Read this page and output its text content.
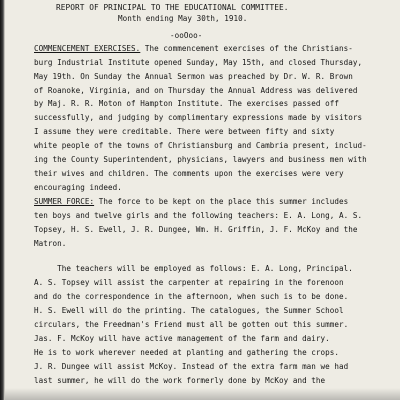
REPORT OF PRINCIPAL TO THE EDUCATIONAL COMMITTEE.
Month ending May 30th, 1910.
-ooOoo-
COMMENCEMENT EXERCISES. The commencement exercises of the Christians-
burg Industrial Institute opened Sunday, May 15th, and closed Thursday,
May 19th. On Sunday the Annual Sermon was preached by Dr. W. R. Brown
of Roanoke, Virginia, and on Thursday the Annual Address was delivered
by Maj. R. R. Moton of Hampton Institute. The exercises passed off
successfully, and judging by complimentary expressions made by visitors
I assume they were creditable. There were between fifty and sixty
white people of the towns of Christiansburg and Cambria present, includ-
ing the County Superintendent, physicians, lawyers and business men with
their wives and children. The comments upon the exercises were very
encouraging indeed.
SUMMER FORCE: The force to be kept on the place this summer includes
ten boys and twelve girls and the following teachers: E. A. Long, A. S.
Topsey, H. S. Ewell, J. R. Dungee, Wm. H. Griffin, J. F. McKoy and the
Matron.
The teachers will be employed as follows: E. A. Long, Principal.
A. S. Topsey will assist the carpenter at repairing in the forenoon
and do the correspondence in the afternoon, when such is to be done.
H. S. Ewell will do the printing. The catalogues, the Summer School
circulars, the Freedman's Friend must all be gotten out this summer.
Jas. F. McKoy will have active management of the farm and dairy.
He is to work wherever needed at planting and gathering the crops.
J. R. Dungee will assist McKoy. Instead of the extra farm man we had
last summer, he will do the work formerly done by McKoy and the
